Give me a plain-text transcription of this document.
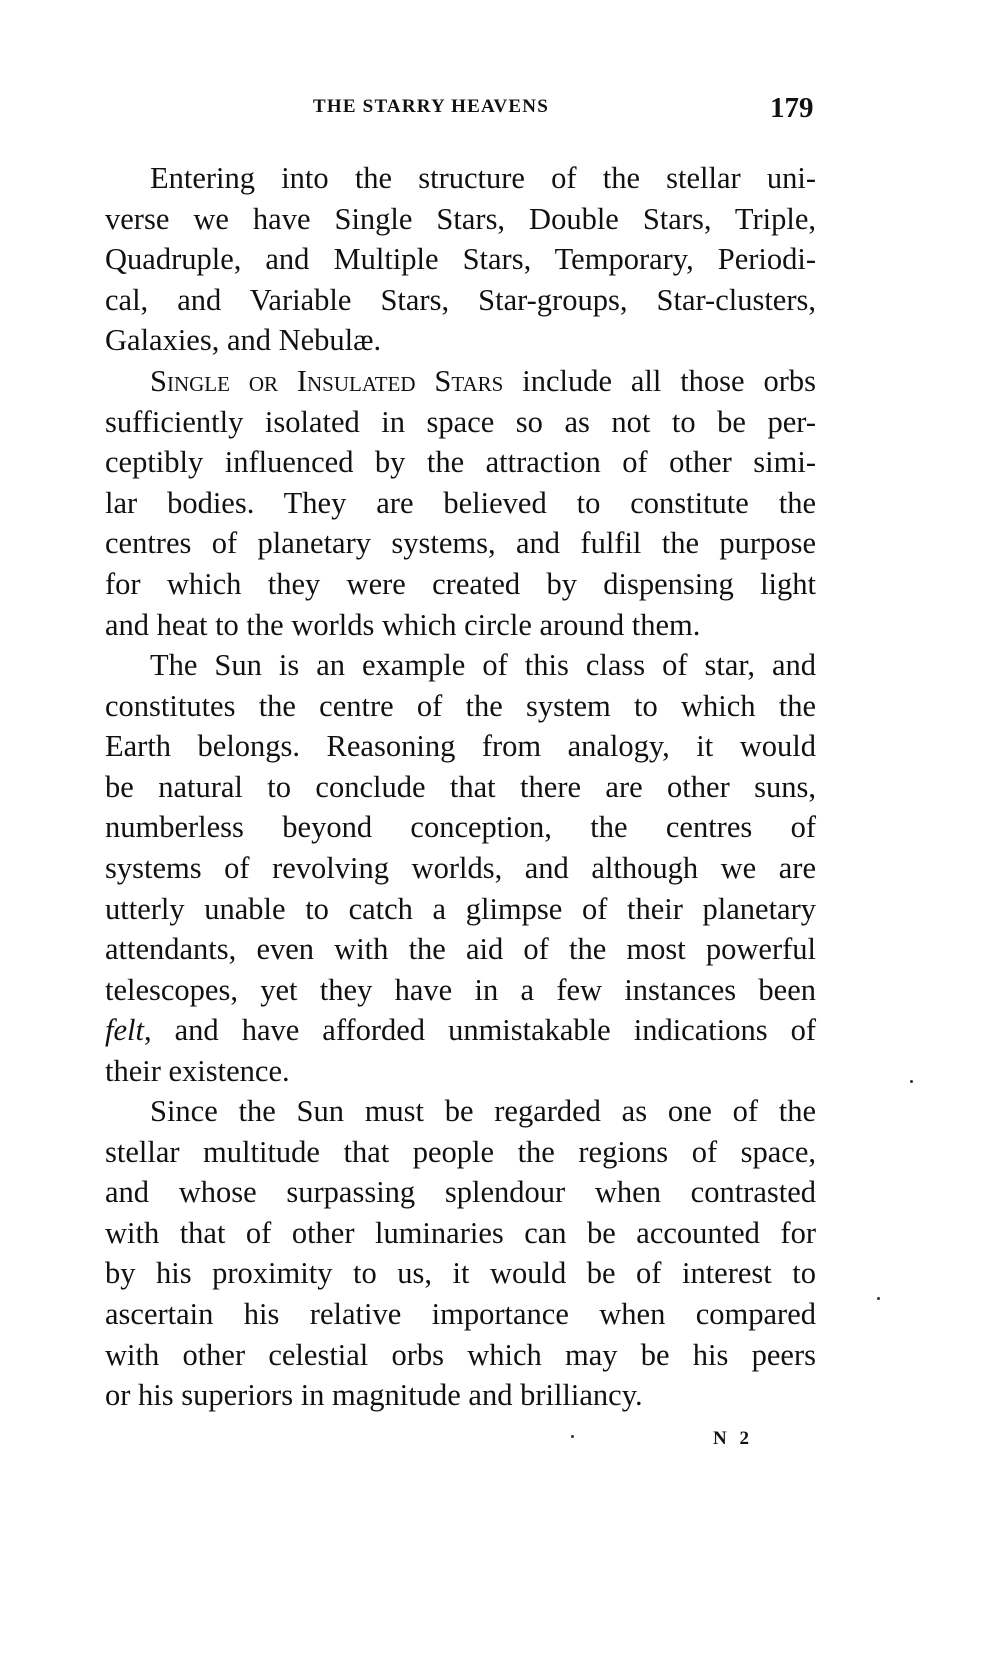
THE STARRY HEAVENS	179
Entering into the structure of the stellar uni-
verse we have Single Stars, Double Stars, Triple,
Quadruple, and Multiple Stars, Temporary, Periodi-
cal, and Variable Stars, Star-groups, Star-clusters,
Galaxies, and Nebulæ.
Single or Insulated Stars include all those orbs
sufficiently isolated in space so as not to be per-
ceptibly influenced by the attraction of other simi-
lar bodies. They are believed to constitute the
centres of planetary systems, and fulfil the purpose
for which they were created by dispensing light
and heat to the worlds which circle around them.
The Sun is an example of this class of star, and
constitutes the centre of the system to which the
Earth belongs. Reasoning from analogy, it would
be natural to conclude that there are other suns,
numberless beyond conception, the centres of
systems of revolving worlds, and although we are
utterly unable to catch a glimpse of their planetary
attendants, even with the aid of the most powerful
telescopes, yet they have in a few instances been
felt, and have afforded unmistakable indications of
their existence.
Since the Sun must be regarded as one of the
stellar multitude that people the regions of space,
and whose surpassing splendour when contrasted
with that of other luminaries can be accounted for
by his proximity to us, it would be of interest to
ascertain his relative importance when compared
with other celestial orbs which may be his peers
or his superiors in magnitude and brilliancy.
N 2
